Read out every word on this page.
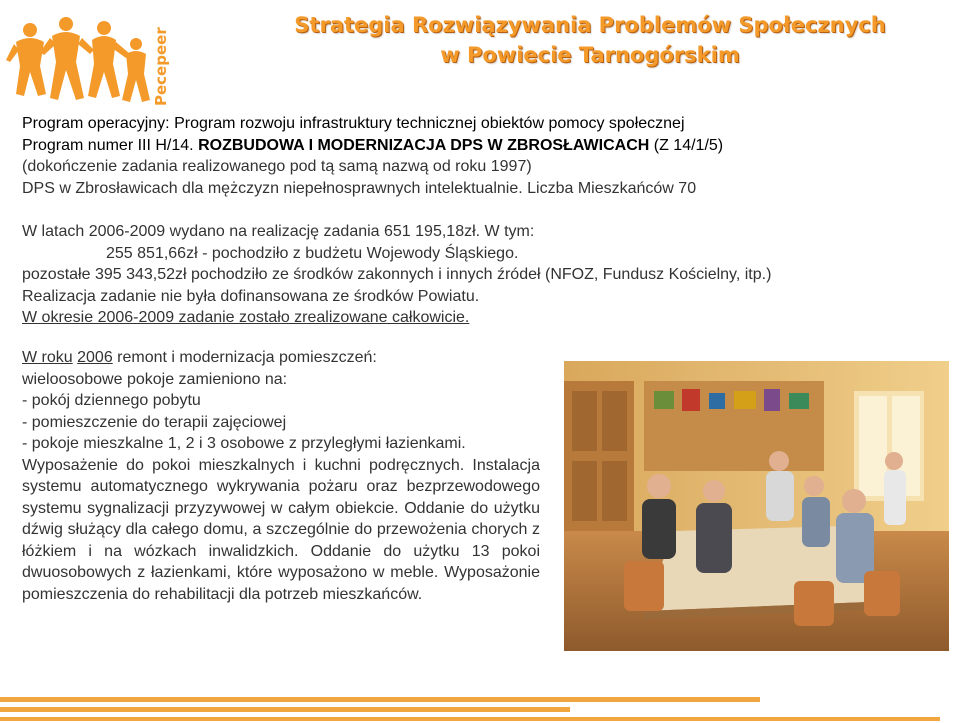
Pecepeer
Strategia Rozwiązywania Problemów Społecznych
w Powiecie Tarnogórskim
Program operacyjny: Program rozwoju infrastruktury technicznej obiektów pomocy społecznej
Program numer III H/14. ROZBUDOWA I MODERNIZACJA DPS W ZBROSŁAWICACH (Z 14/1/5)
(dokończenie zadania realizowanego pod tą samą nazwą od roku 1997)
DPS w Zbrosławicach dla mężczyzn niepełnosprawnych intelektualnie. Liczba Mieszkańców 70
W latach 2006-2009 wydano na realizację zadania 651 195,18zł. W tym:
255 851,66zł - pochodziło z budżetu Wojewody Śląskiego.
pozostałe 395 343,52zł pochodziło ze środków zakonnych i innych źródeł (NFOZ, Fundusz Kościelny, itp.)
Realizacja zadanie nie była dofinansowana ze środków Powiatu.
W okresie 2006-2009 zadanie zostało zrealizowane całkowicie.
W roku 2006 remont i modernizacja pomieszczeń:
wieloosobowe pokoje zamieniono na:
- pokój dziennego pobytu
- pomieszczenie do terapii zajęciowej
- pokoje mieszkalne 1, 2 i 3 osobowe z przyległymi łazienkami.
Wyposażenie do pokoi mieszkalnych i kuchni podręcznych. Instalacja systemu automatycznego wykrywania pożaru oraz bezprzewodowego systemu sygnalizacji przyzywowej w całym obiekcie. Oddanie do użytku dźwig służący dla całego domu, a szczególnie do przewożenia chorych z łóżkiem i na wózkach inwalidzkich. Oddanie do użytku 13 pokoi dwuosobowych z łazienkami, które wyposażono w meble. Wyposażonie pomieszczenia do rehabilitacji dla potrzeb mieszkańców.
